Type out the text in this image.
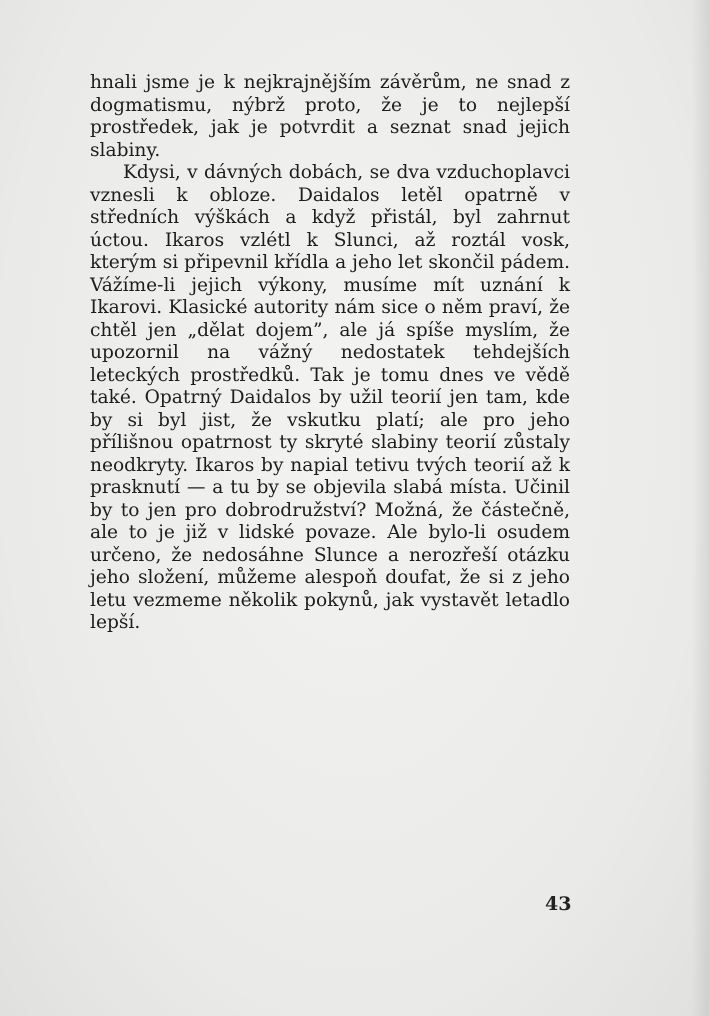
hnali jsme je k nejkrajnějším závěrům, ne snad z dogmatismu, nýbrž proto, že je to nejlepší prostředek, jak je potvrdit a seznat snad jejich slabiny.

Kdysi, v dávných dobách, se dva vzduchoplavci vznesli k obloze. Daidalos letěl opatrně v středních výškách a když přistál, byl zahrnut úctou. Ikaros vzlétl k Slunci, až roztál vosk, kterým si připevnil křídla a jeho let skončil pádem. Vážíme-li jejich výkony, musíme mít uznání k Ikarovi. Klasické autority nám sice o něm praví, že chtěl jen „dělat dojem”, ale já spíše myslím, že upozornil na vážný nedostatek tehdejších leteckých prostředků. Tak je tomu dnes ve vědě také. Opatrný Daidalos by užil teorií jen tam, kde by si byl jist, že vskutku platí; ale pro jeho přílišnou opatrnost ty skryté slabiny teorií zůstaly neodkryty. Ikaros by napial tetivu tvých teorií až k prasknutí — a tu by se objevila slabá místa. Učinil by to jen pro dobrodružství? Možná, že částečně, ale to je již v lidské povaze. Ale bylo-li osudem určeno, že nedosáhne Slunce a nerozřeší otázku jeho složení, můžeme alespoň doufat, že si z jeho letu vezmeme několik pokynů, jak vystavět letadlo lepší.

43
